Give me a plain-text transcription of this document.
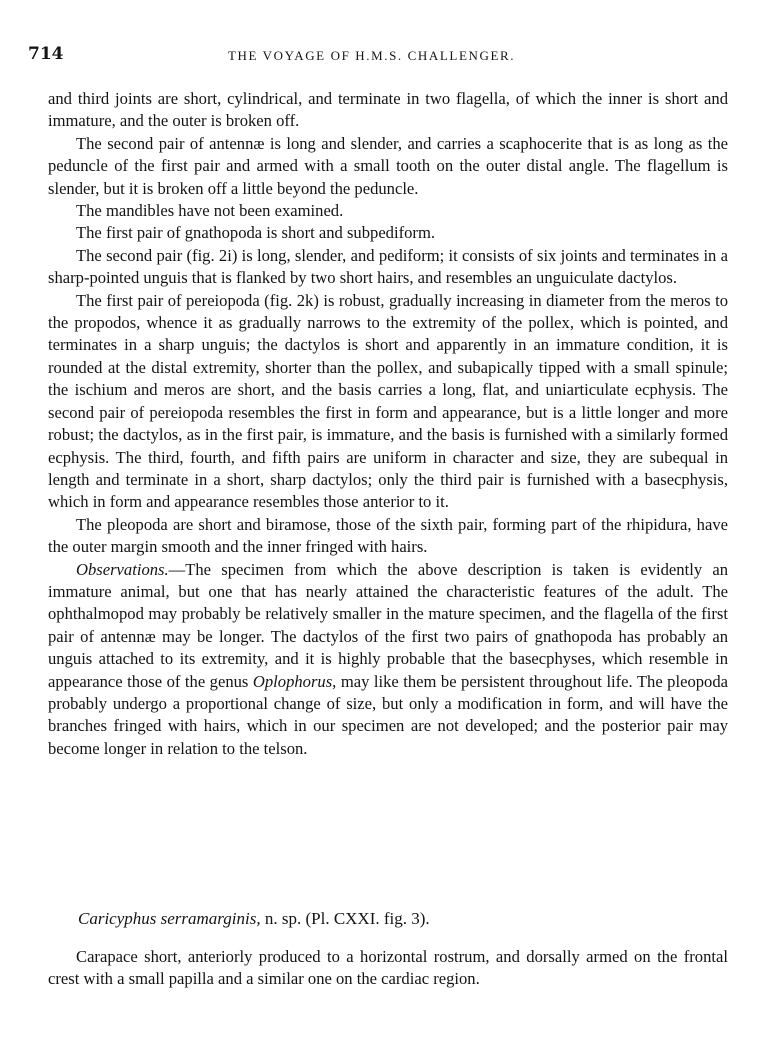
714	THE VOYAGE OF H.M.S. CHALLENGER.

and third joints are short, cylindrical, and terminate in two flagella, of which the inner is short and immature, and the outer is broken off.

The second pair of antennæ is long and slender, and carries a scaphocerite that is as long as the peduncle of the first pair and armed with a small tooth on the outer distal angle. The flagellum is slender, but it is broken off a little beyond the peduncle.

The mandibles have not been examined.

The first pair of gnathopoda is short and subpediform.

The second pair (fig. 2i) is long, slender, and pediform; it consists of six joints and terminates in a sharp-pointed unguis that is flanked by two short hairs, and resembles an unguiculate dactylos.

The first pair of pereiopoda (fig. 2k) is robust, gradually increasing in diameter from the meros to the propodos, whence it as gradually narrows to the extremity of the pollex, which is pointed, and terminates in a sharp unguis; the dactylos is short and apparently in an immature condition, it is rounded at the distal extremity, shorter than the pollex, and subapically tipped with a small spinule; the ischium and meros are short, and the basis carries a long, flat, and uniarticulate ecphysis. The second pair of pereiopoda resembles the first in form and appearance, but is a little longer and more robust; the dactylos, as in the first pair, is immature, and the basis is furnished with a similarly formed ecphysis. The third, fourth, and fifth pairs are uniform in character and size, they are subequal in length and terminate in a short, sharp dactylos; only the third pair is furnished with a basecphysis, which in form and appearance resembles those anterior to it.

The pleopoda are short and biramose, those of the sixth pair, forming part of the rhipidura, have the outer margin smooth and the inner fringed with hairs.

Observations.—The specimen from which the above description is taken is evidently an immature animal, but one that has nearly attained the characteristic features of the adult. The ophthalmopod may probably be relatively smaller in the mature specimen, and the flagella of the first pair of antennæ may be longer. The dactylos of the first two pairs of gnathopoda has probably an unguis attached to its extremity, and it is highly probable that the basecphyses, which resemble in appearance those of the genus Oplophorus, may like them be persistent throughout life. The pleopoda probably undergo a proportional change of size, but only a modification in form, and will have the branches fringed with hairs, which in our specimen are not developed; and the posterior pair may become longer in relation to the telson.

Caricyphus serramarginis, n. sp. (Pl. CXXI. fig. 3).

Carapace short, anteriorly produced to a horizontal rostrum, and dorsally armed on the frontal crest with a small papilla and a similar one on the cardiac region.
